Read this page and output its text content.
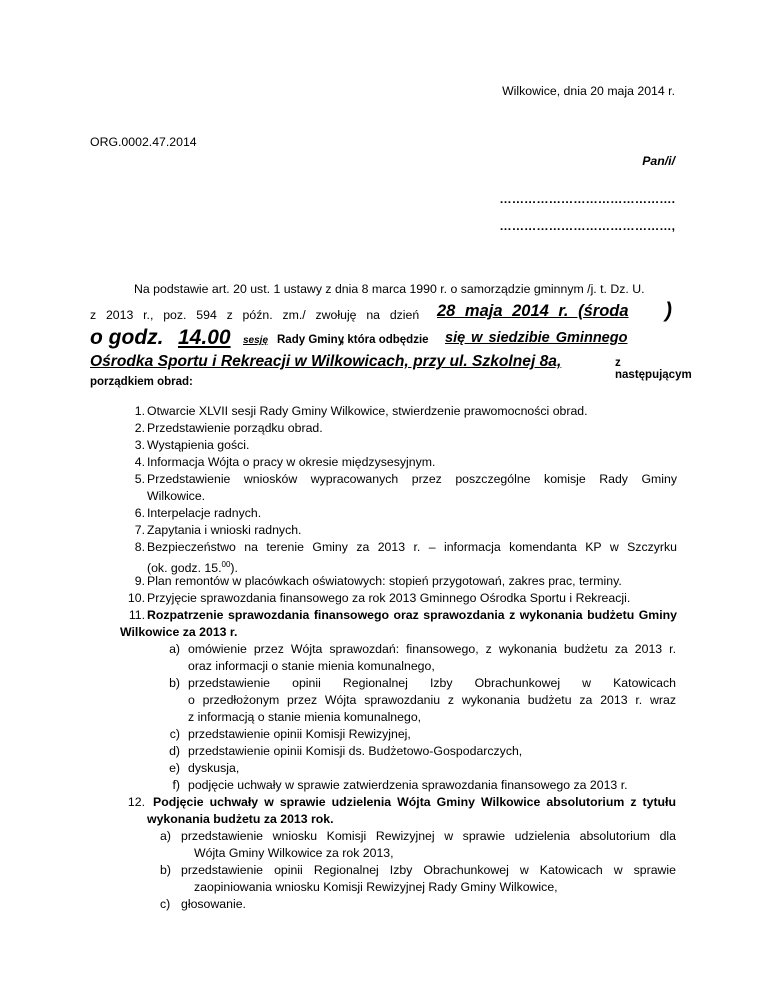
Wilkowice, dnia 20 maja 2014 r.
ORG.0002.47.2014
Pan/i/
…………………………………….
……………………………………,
Na podstawie art. 20 ust. 1 ustawy z dnia 8 marca 1990 r. o samorządzie gminnym /j. t. Dz. U.
z 2013 r., poz. 594 z późn. zm./ zwołuję na dzień 28 maja 2014 r. (środa )
o godz. 14.00 sesję Rady Gminy
, która odbędzie się w siedzibie Gminnego
Ośrodka Sportu i Rekreacji w Wilkowicach, przy ul. Szkolnej 8a,	z następującym
porządkiem obrad:
1. Otwarcie XLVII sesji Rady Gminy Wilkowice, stwierdzenie prawomocności obrad.
2. Przedstawienie porządku obrad.
3. Wystąpienia gości.
4. Informacja Wójta o pracy w okresie międzysesyjnym.
5. Przedstawienie wniosków wypracowanych przez poszczególne komisje Rady Gminy
Wilkowice.
6. Interpelacje radnych.
7. Zapytania i wnioski radnych.
8. Bezpieczeństwo na terenie Gminy za 2013 r. – informacja komendanta KP w Szczyrku
(ok. godz. 15.00).
9. Plan remontów w placówkach oświatowych: stopień przygotowań, zakres prac, terminy.
10. Przyjęcie sprawozdania finansowego za rok 2013 Gminnego Ośrodka Sportu i Rekreacji.
11. Rozpatrzenie sprawozdania finansowego oraz sprawozdania z wykonania budżetu Gminy
Wilkowice za 2013 r.
a) omówienie przez Wójta sprawozdań: finansowego, z wykonania budżetu za 2013 r.
oraz informacji o stanie mienia komunalnego,
b) przedstawienie opinii Regionalnej Izby Obrachunkowej w Katowicach
o przedłożonym przez Wójta sprawozdaniu z wykonania budżetu za 2013 r. wraz
z informacją o stanie mienia komunalnego,
c) przedstawienie opinii Komisji Rewizyjnej,
d) przedstawienie opinii Komisji ds. Budżetowo-Gospodarczych,
e) dyskusja,
f) podjęcie uchwały w sprawie zatwierdzenia sprawozdania finansowego za 2013 r.
12. Podjęcie uchwały w sprawie udzielenia Wójta Gminy Wilkowice absolutorium z tytułu
wykonania budżetu za 2013 rok.
a) przedstawienie wniosku Komisji Rewizyjnej w sprawie udzielenia absolutorium dla
Wójta Gminy Wilkowice za rok 2013,
b) przedstawienie opinii Regionalnej Izby Obrachunkowej w Katowicach w sprawie
zaopiniowania wniosku Komisji Rewizyjnej Rady Gminy Wilkowice,
c) głosowanie.
